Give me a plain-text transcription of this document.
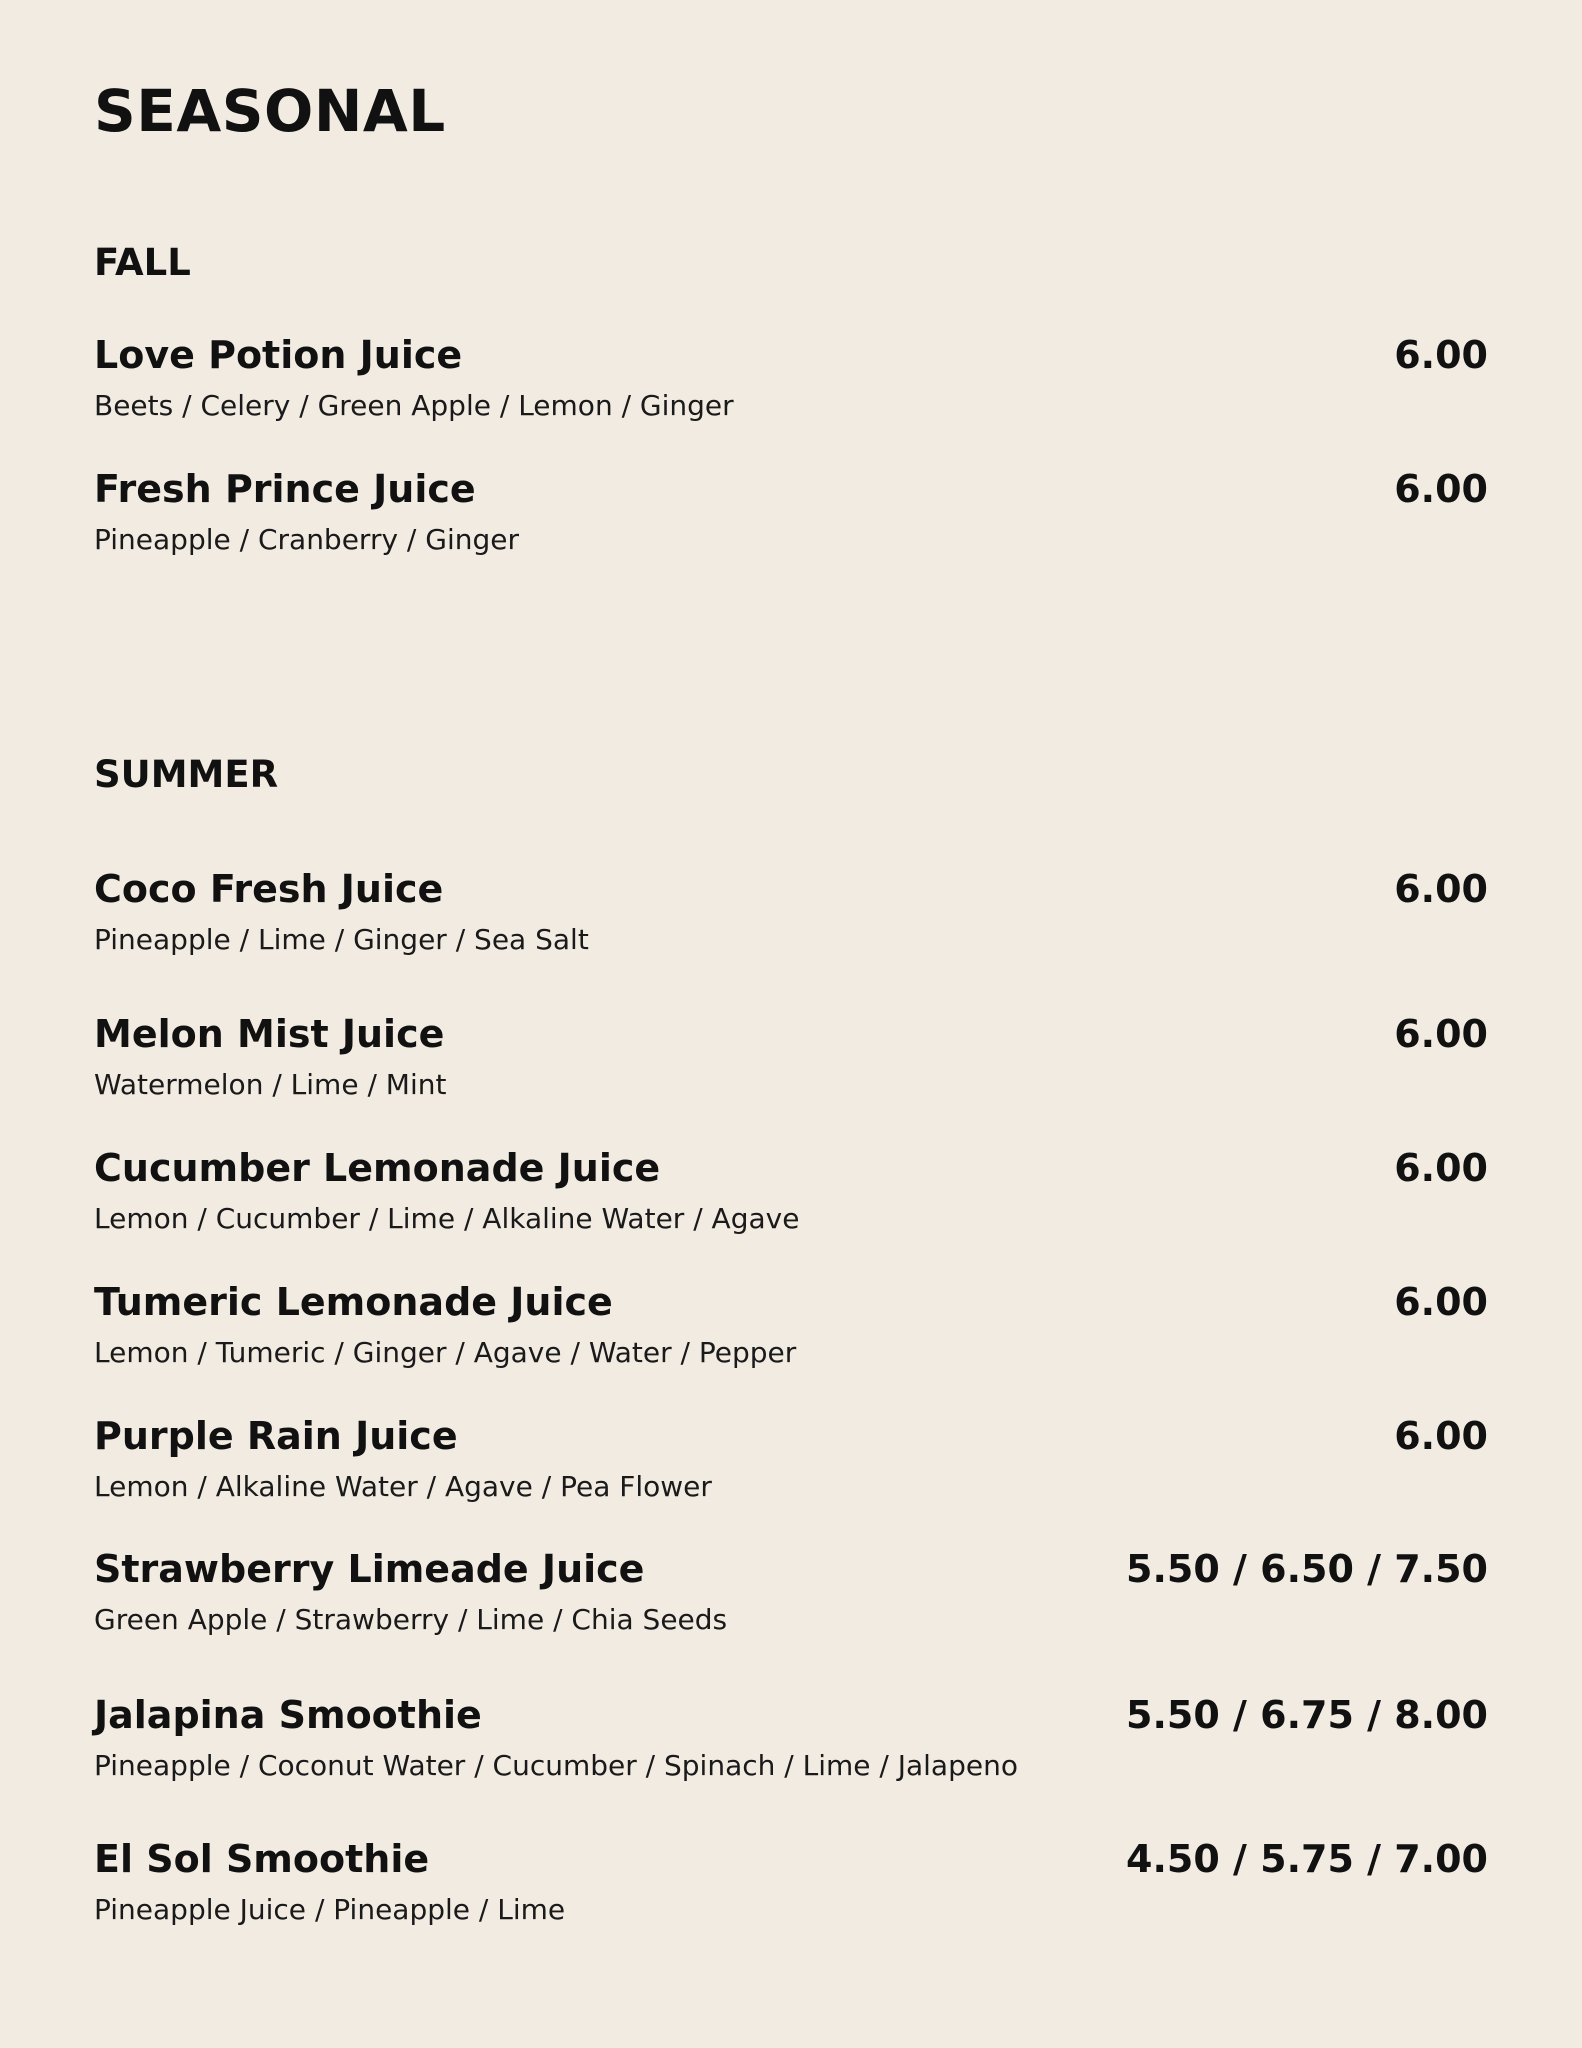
SEASONAL
FALL
Love Potion Juice
Beets / Celery / Green Apple / Lemon / Ginger
6.00
Fresh Prince Juice
Pineapple / Cranberry / Ginger
6.00
SUMMER
Coco Fresh Juice
Pineapple / Lime / Ginger / Sea Salt
6.00
Melon Mist Juice
Watermelon / Lime / Mint
6.00
Cucumber Lemonade Juice
Lemon / Cucumber / Lime / Alkaline Water / Agave
6.00
Tumeric Lemonade Juice
Lemon / Tumeric / Ginger / Agave / Water / Pepper
6.00
Purple Rain Juice
Lemon / Alkaline Water / Agave / Pea Flower
6.00
Strawberry Limeade Juice
Green Apple / Strawberry / Lime / Chia Seeds
5.50 / 6.50 / 7.50
Jalapina Smoothie
Pineapple / Coconut Water / Cucumber / Spinach / Lime / Jalapeno
5.50 / 6.75 / 8.00
El Sol Smoothie
Pineapple Juice / Pineapple / Lime
4.50 / 5.75 / 7.00
